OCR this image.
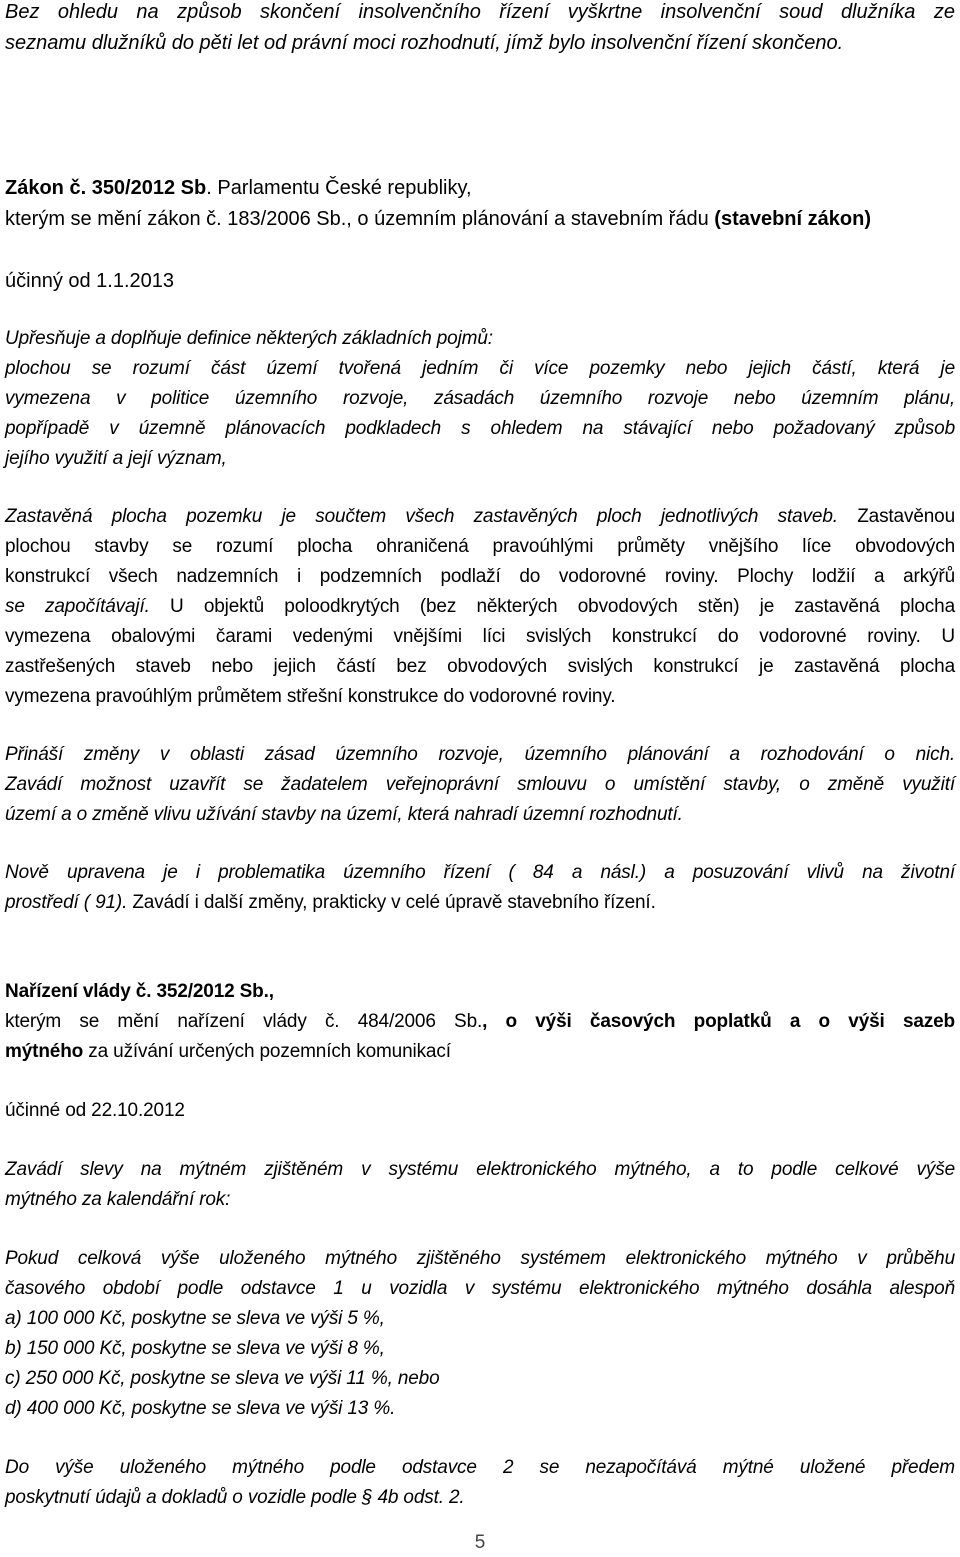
Bez ohledu na způsob skončení insolvenčního řízení vyškrtne insolvenční soud dlužníka ze
seznamu dlužníků do pěti let od právní moci rozhodnutí, jímž bylo insolvenční řízení skončeno.
Zákon č. 350/2012 Sb. Parlamentu České republiky,
kterým se mění zákon č. 183/2006 Sb., o územním plánování a stavebním řádu (stavební zákon)
účinný od 1.1.2013
Upřesňuje a doplňuje definice některých základních pojmů:
plochou se rozumí část území tvořená jedním či více pozemky nebo jejich částí, která je
vymezena v politice územního rozvoje, zásadách územního rozvoje nebo územním plánu,
popřípadě v územně plánovacích podkladech s ohledem na stávající nebo požadovaný způsob
jejího využití a její význam,
Zastavěná plocha pozemku je součtem všech zastavěných ploch jednotlivých staveb. Zastavěnou
plochou stavby se rozumí plocha ohraničená pravoúhlými průměty vnějšího líce obvodových
konstrukcí všech nadzemních i podzemních podlaží do vodorovné roviny. Plochy lodžií a arkýřů
se započítávají. U objektů poloodkrytých (bez některých obvodových stěn) je zastavěná plocha
vymezena obalovými čarami vedenými vnějšími líci svislých konstrukcí do vodorovné roviny. U
zastřešených staveb nebo jejich částí bez obvodových svislých konstrukcí je zastavěná plocha
vymezena pravoúhlým průmětem střešní konstrukce do vodorovné roviny.
Přináší změny v oblasti zásad územního rozvoje, územního plánování a rozhodování o nich.
Zavádí možnost uzavřít se žadatelem veřejnoprávní smlouvu o umístění stavby, o změně využití
území a o změně vlivu užívání stavby na území, která nahradí územní rozhodnutí.
Nově upravena je i problematika územního řízení ( 84 a násl.) a posuzování vlivů na životní
prostředí ( 91). Zavádí i další změny, prakticky v celé úpravě stavebního řízení.
Nařízení vlády č. 352/2012 Sb.,
kterým se mění nařízení vlády č. 484/2006 Sb., o výši časových poplatků a o výši sazeb
mýtného za užívání určených pozemních komunikací
účinné od 22.10.2012
Zavádí slevy na mýtném zjištěném v systému elektronického mýtného, a to podle celkové výše
mýtného za kalendářní rok:
Pokud celková výše uloženého mýtného zjištěného systémem elektronického mýtného v průběhu
časového období podle odstavce 1 u vozidla v systému elektronického mýtného dosáhla alespoň
a) 100 000 Kč, poskytne se sleva ve výši 5 %,
b) 150 000 Kč, poskytne se sleva ve výši 8 %,
c) 250 000 Kč, poskytne se sleva ve výši 11 %, nebo
d) 400 000 Kč, poskytne se sleva ve výši 13 %.
Do výše uloženého mýtného podle odstavce 2 se nezapočítává mýtné uložené předem
poskytnutí údajů a dokladů o vozidle podle § 4b odst. 2.
5
